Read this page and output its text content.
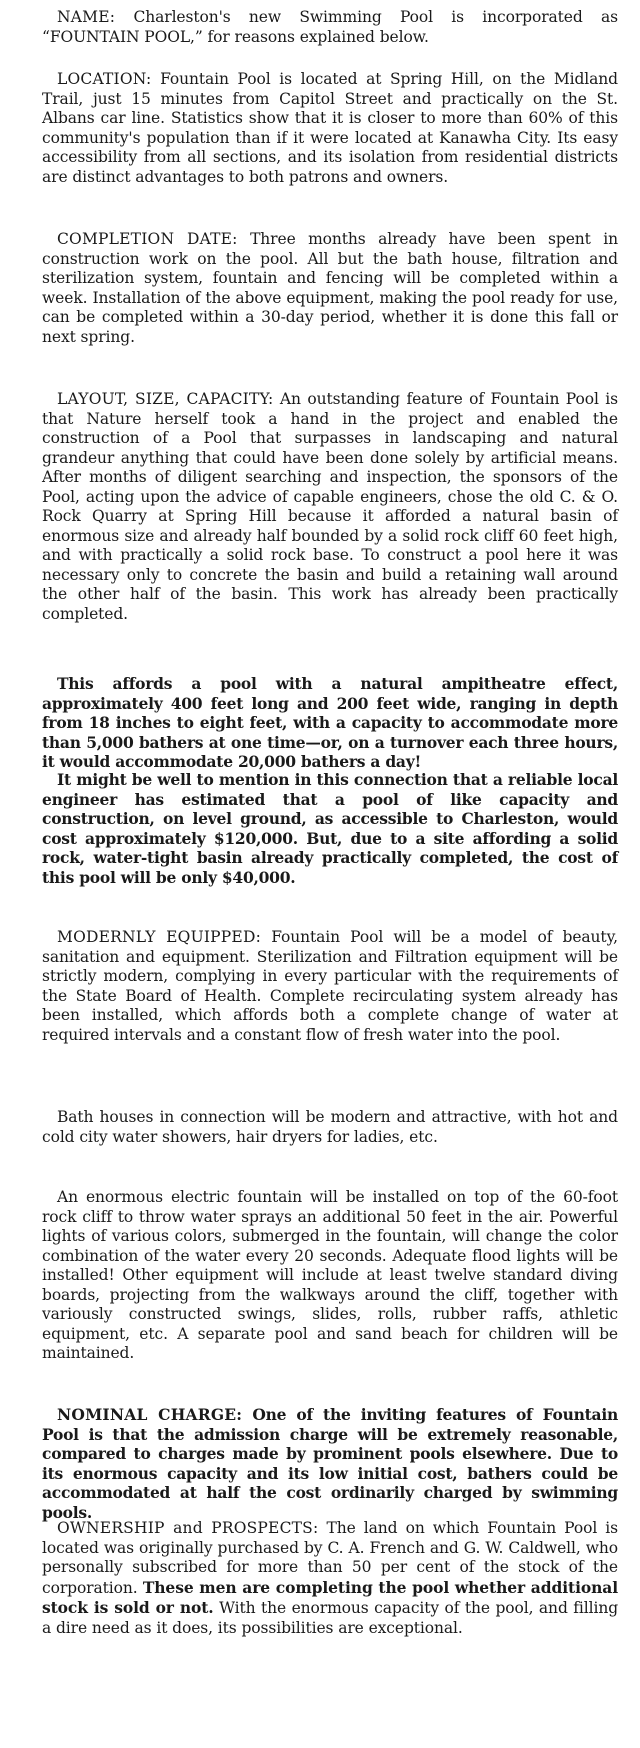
NAME: Charleston's new Swimming Pool is incorporated as “FOUNTAIN POOL,” for reasons explained below.

LOCATION: Fountain Pool is located at Spring Hill, on the Midland Trail, just 15 minutes from Capitol Street and practically on the St. Albans car line. Statistics show that it is closer to more than 60% of this community's population than if it were located at Kanawha City. Its easy accessibility from all sections, and its isolation from residential districts are distinct advantages to both patrons and owners.

COMPLETION DATE: Three months already have been spent in construction work on the pool. All but the bath house, filtration and sterilization system, fountain and fencing will be completed within a week. Installation of the above equipment, making the pool ready for use, can be completed within a 30-day period, whether it is done this fall or next spring.

LAYOUT, SIZE, CAPACITY: An outstanding feature of Fountain Pool is that Nature herself took a hand in the project and enabled the construction of a Pool that surpasses in landscaping and natural grandeur anything that could have been done solely by artificial means. After months of diligent searching and inspection, the sponsors of the Pool, acting upon the advice of capable engineers, chose the old C. & O. Rock Quarry at Spring Hill because it afforded a natural basin of enormous size and already half bounded by a solid rock cliff 60 feet high, and with practically a solid rock base. To construct a pool here it was necessary only to concrete the basin and build a retaining wall around the other half of the basin. This work has already been practically completed.

This affords a pool with a natural ampitheatre effect, approximately 400 feet long and 200 feet wide, ranging in depth from 18 inches to eight feet, with a capacity to accommodate more than 5,000 bathers at one time—or, on a turnover each three hours, it would accommodate 20,000 bathers a day!

It might be well to mention in this connection that a reliable local engineer has estimated that a pool of like capacity and construction, on level ground, as accessible to Charleston, would cost approximately $120,000. But, due to a site affording a solid rock, water-tight basin already practically completed, the cost of this pool will be only $40,000.

MODERNLY EQUIPPED: Fountain Pool will be a model of beauty, sanitation and equipment. Sterilization and Filtration equipment will be strictly modern, complying in every particular with the requirements of the State Board of Health. Complete recirculating system already has been installed, which affords both a complete change of water at required intervals and a constant flow of fresh water into the pool.

Bath houses in connection will be modern and attractive, with hot and cold city water showers, hair dryers for ladies, etc.

An enormous electric fountain will be installed on top of the 60-foot rock cliff to throw water sprays an additional 50 feet in the air. Powerful lights of various colors, submerged in the fountain, will change the color combination of the water every 20 seconds. Adequate flood lights will be installed! Other equipment will include at least twelve standard diving boards, projecting from the walkways around the cliff, together with variously constructed swings, slides, rolls, rubber raffs, athletic equipment, etc. A separate pool and sand beach for children will be maintained.

NOMINAL CHARGE: One of the inviting features of Fountain Pool is that the admission charge will be extremely reasonable, compared to charges made by prominent pools elsewhere. Due to its enormous capacity and its low initial cost, bathers could be accommodated at half the cost ordinarily charged by swimming pools.

OWNERSHIP and PROSPECTS: The land on which Fountain Pool is located was originally purchased by C. A. French and G. W. Caldwell, who personally subscribed for more than 50 per cent of the stock of the corporation. These men are completing the pool whether additional stock is sold or not. With the enormous capacity of the pool, and filling a dire need as it does, its possibilities are exceptional.
